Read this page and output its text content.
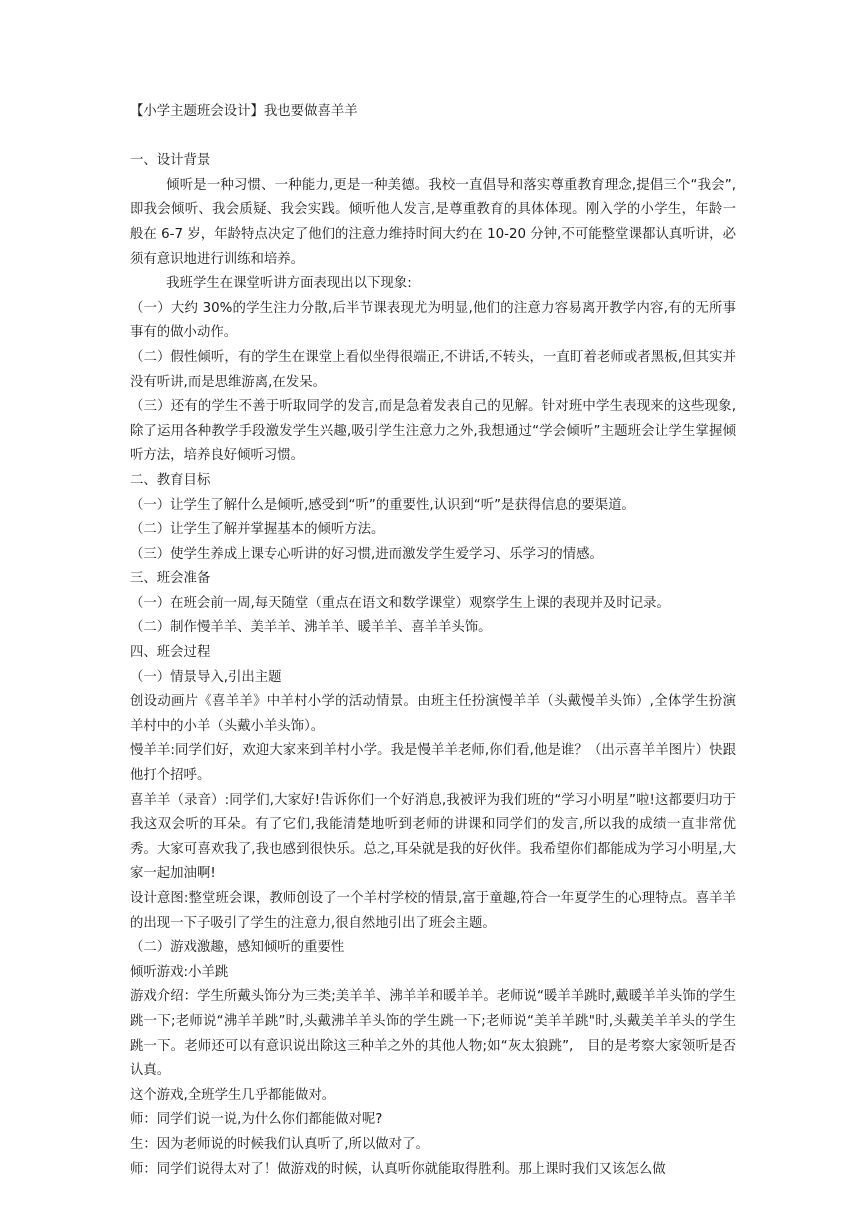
【小学主题班会设计】我也要做喜羊羊

一、设计背景

倾听是一种习惯、一种能力,更是一种美德。我校一直倡导和落实尊重教育理念,提倡三个“我会”,即我会倾听、我会质疑、我会实践。倾听他人发言,是尊重教育的具体体现。刚入学的小学生，年龄一般在 6-7 岁，年龄特点决定了他们的注意力维持时间大约在 10-20 分钟,不可能整堂课都认真听讲，必须有意识地进行训练和培养。

我班学生在课堂听讲方面表现出以下现象:

（一）大约 30%的学生注力分散,后半节课表现尤为明显,他们的注意力容易离开教学内容,有的无所事事有的做小动作。

（二）假性倾听，有的学生在课堂上看似坐得很端正,不讲话,不转头，一直盯着老师或者黑板,但其实并没有听讲,而是思维游离,在发呆。

（三）还有的学生不善于听取同学的发言,而是急着发表自己的见解。针对班中学生表现来的这些现象,除了运用各种教学手段激发学生兴趣,吸引学生注意力之外,我想通过“学会倾听”主题班会让学生掌握倾听方法，培养良好倾听习惯。

二、教育目标

（一）让学生了解什么是倾听,感受到“听”的重要性,认识到“听”是获得信息的要渠道。

（二）让学生了解并掌握基本的倾听方法。

（三）使学生养成上课专心听讲的好习惯,进而激发学生爱学习、乐学习的情感。

三、班会准备

（一）在班会前一周,每天随堂（重点在语文和数学课堂）观察学生上课的表现并及时记录。

（二）制作慢羊羊、美羊羊、沸羊羊、暖羊羊、喜羊羊头饰。

四、班会过程

（一）情景导入,引出主题

创设动画片《喜羊羊》中羊村小学的活动情景。由班主任扮演慢羊羊（头戴慢羊头饰）,全体学生扮演羊村中的小羊（头戴小羊头饰）。

慢羊羊:同学们好，欢迎大家来到羊村小学。我是慢羊羊老师,你们看,他是谁？（出示喜羊羊图片）快跟他打个招呼。

喜羊羊（录音）:同学们,大家好!告诉你们一个好消息,我被评为我们班的“学习小明星”啦!这都要归功于我这双会听的耳朵。有了它们,我能清楚地听到老师的讲课和同学们的发言,所以我的成绩一直非常优秀。大家可喜欢我了,我也感到很快乐。总之,耳朵就是我的好伙伴。我希望你们都能成为学习小明星,大家一起加油啊!

设计意图:整堂班会课，教师创设了一个羊村学校的情景,富于童趣,符合一年夏学生的心理特点。喜羊羊的出现一下子吸引了学生的注意力,很自然地引出了班会主题。

（二）游戏激趣，感知倾听的重要性

倾听游戏:小羊跳

游戏介绍：学生所戴头饰分为三类;美羊羊、沸羊羊和暖羊羊。老师说“暖羊羊跳时,戴暖羊羊头饰的学生跳一下;老师说“沸羊羊跳”时,头戴沸羊羊头饰的学生跳一下;老师说“美羊羊跳"时,头戴美羊羊头的学生跳一下。老师还可以有意识说出除这三种羊之外的其他人物;如“灰太狼跳”,　目的是考察大家领听是否认真。

这个游戏,全班学生几乎都能做对。

师：同学们说一说,为什么你们都能做对呢?

生：因为老师说的时候我们认真听了,所以做对了。

师：同学们说得太对了！做游戏的时候，认真听你就能取得胜利。那上课时我们又该怎么做
